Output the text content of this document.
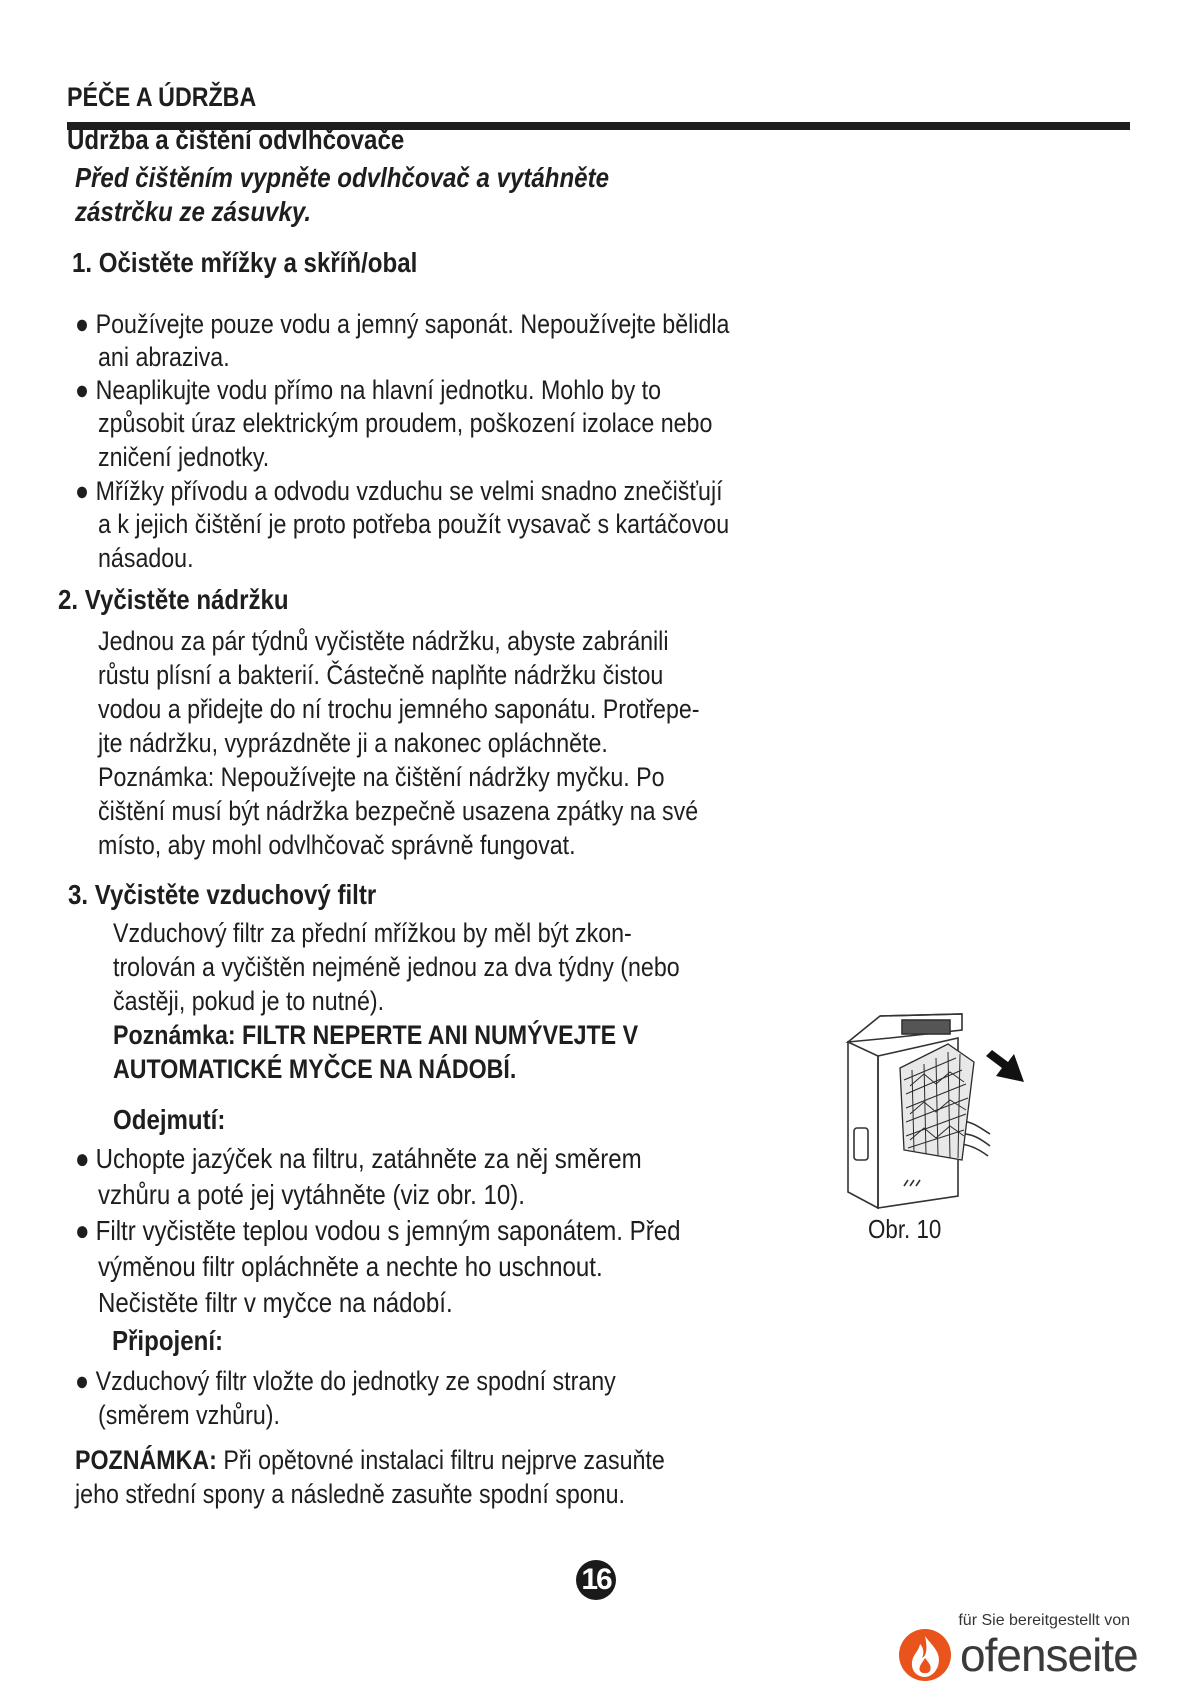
PÉČE A ÚDRŽBA
Údržba a čištění odvlhčovače
Před čištěním vypněte odvlhčovač a vytáhněte
zástrčku ze zásuvky.
1. Očistěte mřížky a skříň/obal
● Používejte pouze vodu a jemný saponát. Nepoužívejte bělidla
ani abraziva.
● Neaplikujte vodu přímo na hlavní jednotku. Mohlo by to
způsobit úraz elektrickým proudem, poškození izolace nebo
zničení jednotky.
● Mřížky přívodu a odvodu vzduchu se velmi snadno znečišťují
a k jejich čištění je proto potřeba použít vysavač s kartáčovou
násadou.
2. Vyčistěte nádržku
Jednou za pár týdnů vyčistěte nádržku, abyste zabránili
růstu plísní a bakterií. Částečně naplňte nádržku čistou
vodou a přidejte do ní trochu jemného saponátu. Protřepe-
jte nádržku, vyprázdněte ji a nakonec opláchněte.
Poznámka: Nepoužívejte na čištění nádržky myčku. Po
čištění musí být nádržka bezpečně usazena zpátky na své
místo, aby mohl odvlhčovač správně fungovat.
3. Vyčistěte vzduchový filtr
Vzduchový filtr za přední mřížkou by měl být zkon-
trolován a vyčištěn nejméně jednou za dva týdny (nebo
častěji, pokud je to nutné).
Poznámka: FILTR NEPERTE ANI NUMÝVEJTE V
AUTOMATICKÉ MYČCE NA NÁDOBÍ.
Odejmutí:
● Uchopte jazýček na filtru, zatáhněte za něj směrem
vzhůru a poté jej vytáhněte (viz obr. 10).
● Filtr vyčistěte teplou vodou s jemným saponátem. Před
výměnou filtr opláchněte a nechte ho uschnout.
Nečistěte filtr v myčce na nádobí.
Připojení:
● Vzduchový filtr vložte do jednotky ze spodní strany
(směrem vzhůru).
POZNÁMKA: Při opětovné instalaci filtru nejprve zasuňte
jeho střední spony a následně zasuňte spodní sponu.
Obr. 10
16
für Sie bereitgestellt von
ofenseite
